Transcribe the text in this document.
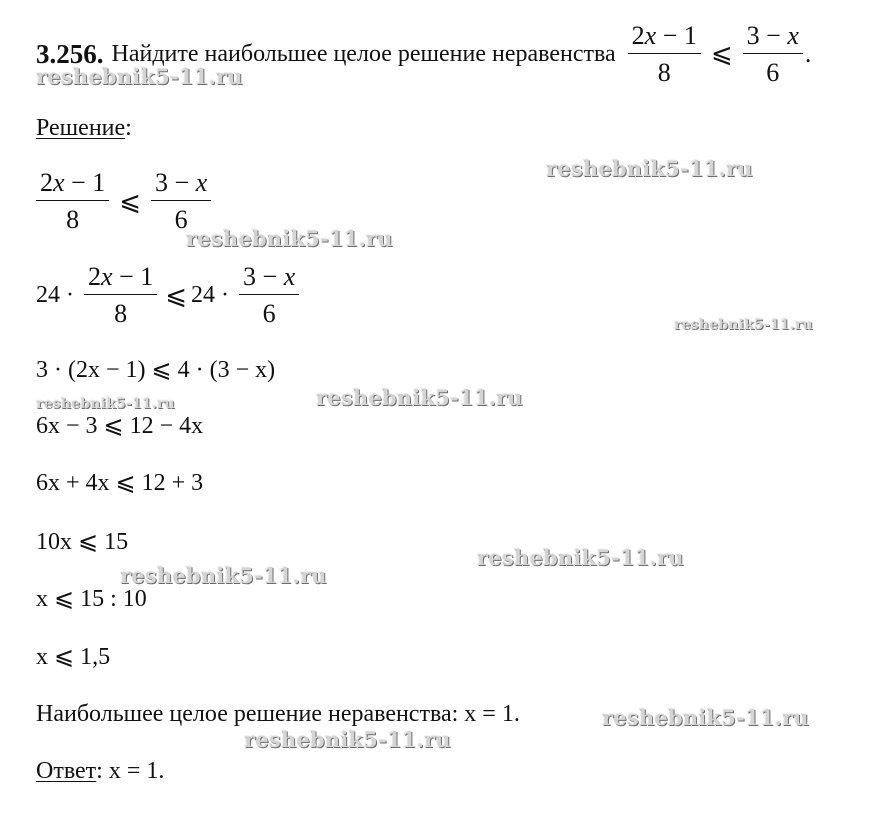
3.256. Найдите наибольшее целое решение неравенства $\frac{2x - 1}{8}$ ⩽ $\frac{3 - x}{6}$ .
Решение:
$\frac{2x - 1}{8}$ ⩽ $\frac{3 - x}{6}$
$24 \cdot \frac{2x - 1}{8}$ ⩽ $24 \cdot \frac{3 - x}{6}$
3 · (2x − 1) ⩽ 4 · (3 − x)
6x − 3 ⩽ 12 − 4x
6x + 4x ⩽ 12 + 3
10x ⩽ 15
x ⩽ 15 : 10
x ⩽ 1,5
Наибольшее целое решение неравенства: x = 1.
Ответ: x = 1.
reshebnik5-11.ru
reshebnik5-11.ru
reshebnik5-11.ru
reshebnik5-11.ru
reshebnik5-11.ru
reshebnik5-11.ru
reshebnik5-11.ru
reshebnik5-11.ru
reshebnik5-11.ru
reshebnik5-11.ru
